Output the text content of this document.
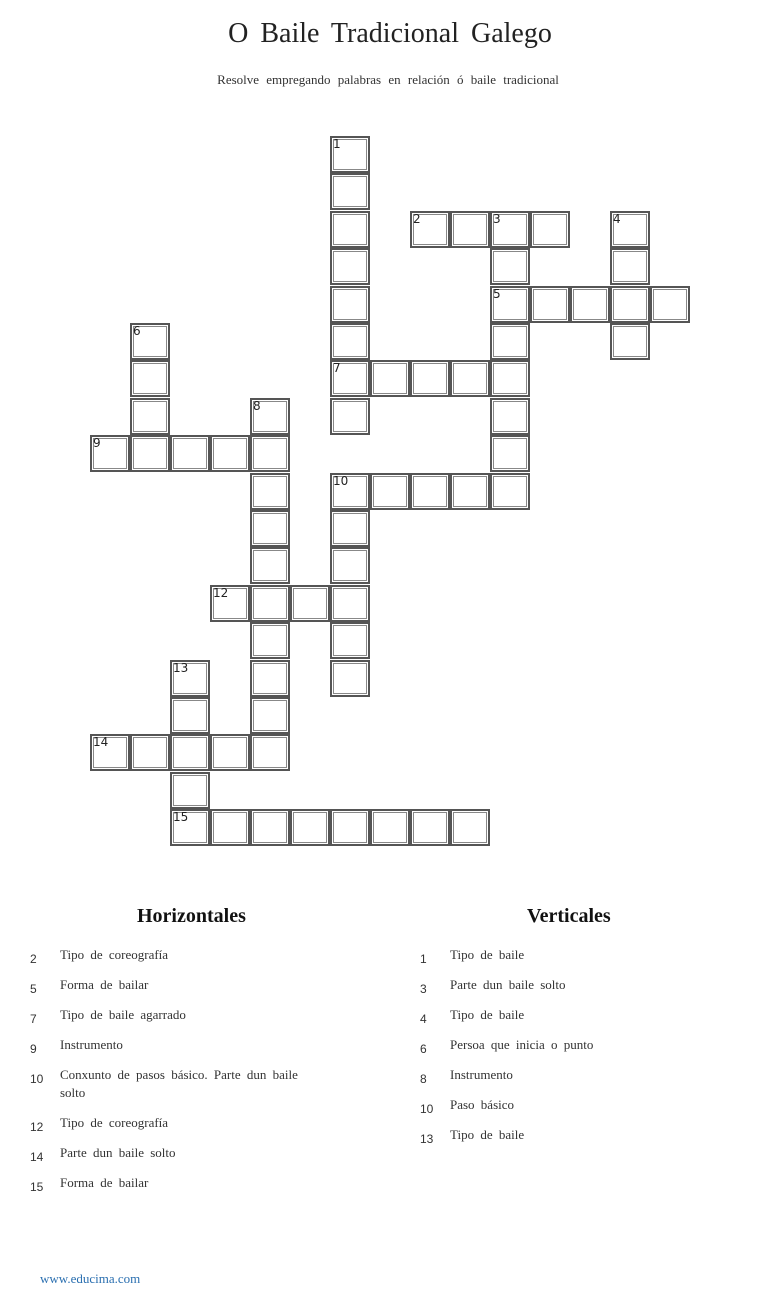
O Baile Tradicional Galego
Resolve empregando palabras en relación ó baile tradicional
1
7
2	3	4
5
6
8
9
10
12
13
15
14
Horizontales	Verticales
2 Tipo de coreografía
5 Forma de bailar
7 Tipo de baile agarrado
9 Instrumento
10 Conxunto de pasos básico. Parte dun baile solto
12 Tipo de coreografía
14 Parte dun baile solto
15 Forma de bailar
1 Tipo de baile
3 Parte dun baile solto
4 Tipo de baile
6 Persoa que inicia o punto
8 Instrumento
10 Paso básico
13 Tipo de baile
www.educima.com
